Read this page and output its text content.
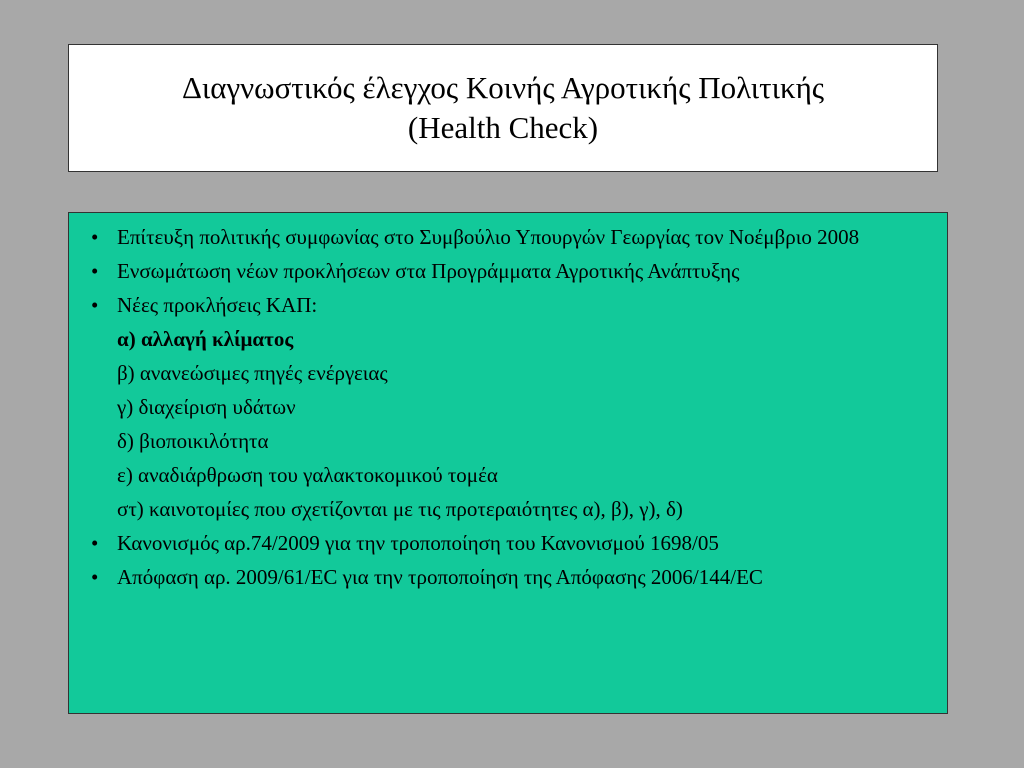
Διαγνωστικός έλεγχος Κοινής Αγροτικής Πολιτικής
(Health Check)
• Επίτευξη πολιτικής συμφωνίας στο Συμβούλιο Υπουργών Γεωργίας τον Νοέμβριο 2008
• Ενσωμάτωση νέων προκλήσεων στα Προγράμματα Αγροτικής Ανάπτυξης
• Νέες προκλήσεις ΚΑΠ:
α) αλλαγή κλίματος
β) ανανεώσιμες πηγές ενέργειας
γ) διαχείριση υδάτων
δ) βιοποικιλότητα
ε) αναδιάρθρωση του γαλακτοκομικού τομέα
στ) καινοτομίες που σχετίζονται με τις προτεραιότητες α), β), γ), δ)
• Κανονισμός αρ.74/2009 για την τροποποίηση του Κανονισμού 1698/05
• Απόφαση αρ. 2009/61/ΕC για την τροποποίηση της Απόφασης 2006/144/ΕC
